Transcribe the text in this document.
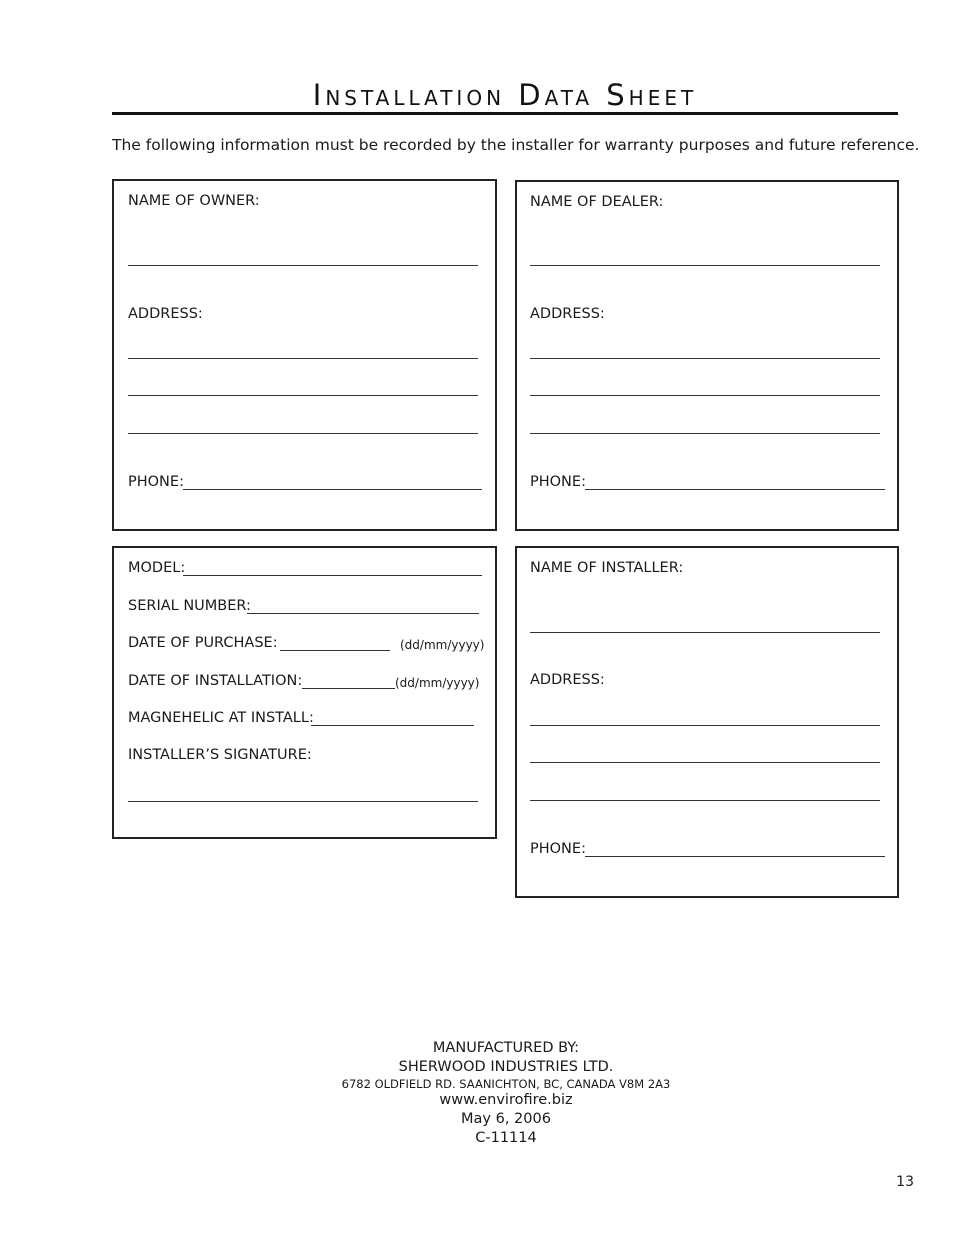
Installation Data Sheet
The following information must be recorded by the installer for warranty purposes and future reference.
NAME OF OWNER:
ADDRESS:
PHONE:
NAME OF DEALER:
ADDRESS:
PHONE:
MODEL:
SERIAL NUMBER:
DATE OF PURCHASE:	(dd/mm/yyyy)
DATE OF INSTALLATION:	(dd/mm/yyyy)
MAGNEHELIC AT INSTALL:
INSTALLER’S SIGNATURE:
NAME OF INSTALLER:
ADDRESS:
PHONE:
MANUFACTURED BY:
SHERWOOD INDUSTRIES LTD.
6782 OLDFIELD RD. SAANICHTON, BC, CANADA V8M 2A3
www.envirofire.biz
May 6, 2006
C-11114
13
